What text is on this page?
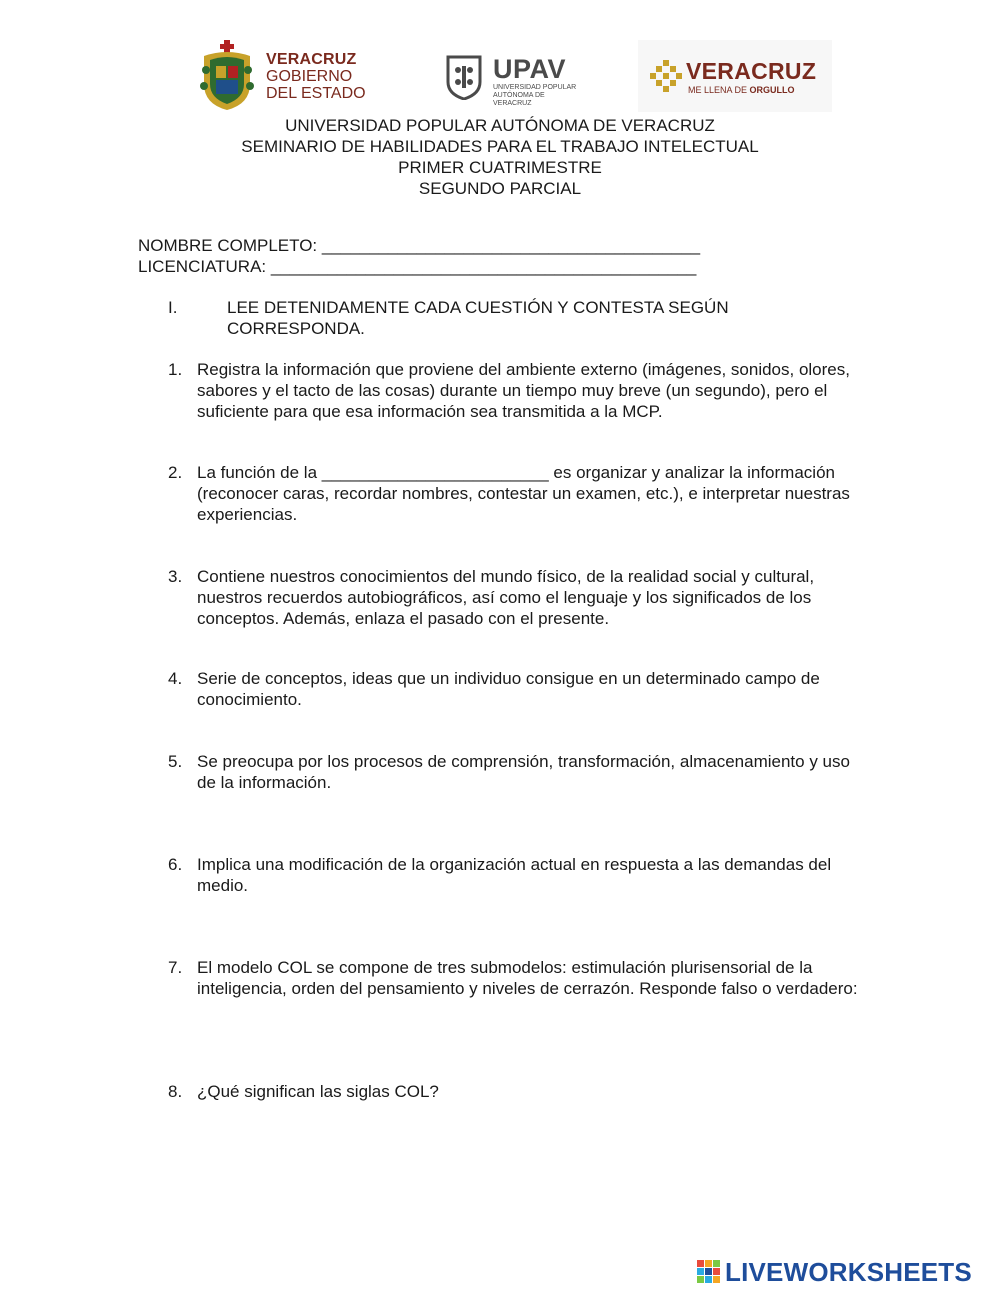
VERACRUZ
GOBIERNO
DEL ESTADO
UPAV
UNIVERSIDAD POPULAR
AUTÓNOMA DE VERACRUZ
VERACRUZ
ME LLENA DE ORGULLO
UNIVERSIDAD POPULAR AUTÓNOMA DE VERACRUZ
SEMINARIO DE HABILIDADES PARA EL TRABAJO INTELECTUAL
PRIMER CUATRIMESTRE
SEGUNDO PARCIAL
NOMBRE COMPLETO: ________________________________________
LICENCIATURA: _____________________________________________
I.	LEE DETENIDAMENTE CADA CUESTIÓN Y CONTESTA SEGÚN CORRESPONDA.
1. Registra la información que proviene del ambiente externo (imágenes, sonidos, olores, sabores y el tacto de las cosas) durante un tiempo muy breve (un segundo), pero el suficiente para que esa información sea transmitida a la MCP.
2. La función de la ________________________ es organizar y analizar la información (reconocer caras, recordar nombres, contestar un examen, etc.), e interpretar nuestras experiencias.
3. Contiene nuestros conocimientos del mundo físico, de la realidad social y cultural, nuestros recuerdos autobiográficos, así como el lenguaje y los significados de los conceptos. Además, enlaza el pasado con el presente.
4. Serie de conceptos, ideas que un individuo consigue en un determinado campo de conocimiento.
5. Se preocupa por los procesos de comprensión, transformación, almacenamiento y uso de la información.
6. Implica una modificación de la organización actual en respuesta a las demandas del medio.
7. El modelo COL se compone de tres submodelos: estimulación plurisensorial de la inteligencia, orden del pensamiento y niveles de cerrazón. Responde falso o verdadero:
8. ¿Qué significan las siglas COL?
LIVEWORKSHEETS
